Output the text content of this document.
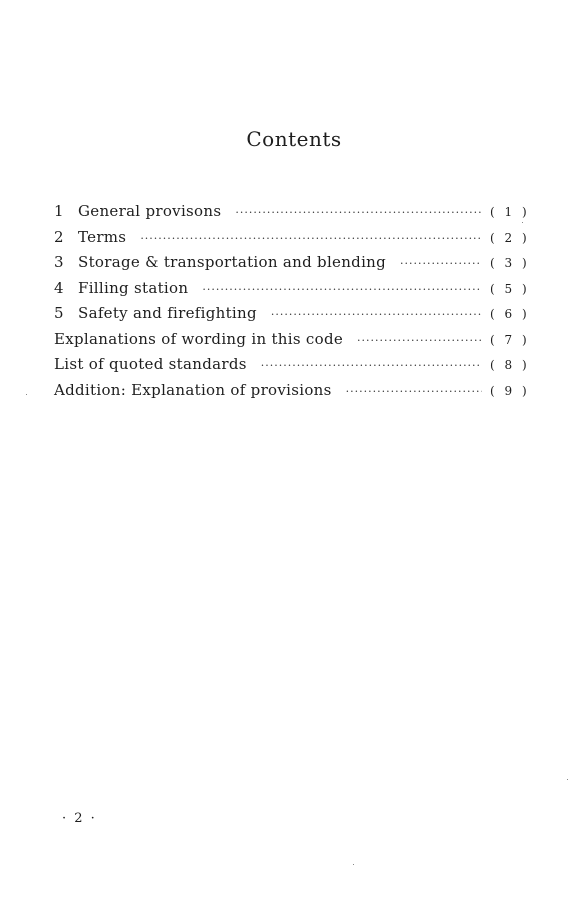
Contents
1 General provisons ·····	( 1 )
2 Terms ·····	( 2 )
3 Storage & transportation and blending ·····	( 3 )
4 Filling station ·····	( 5 )
5 Safety and firefighting ·····	( 6 )
Explanations of wording in this code ·····	( 7 )
List of quoted standards ·····	( 8 )
Addition: Explanation of provisions ·····	( 9 )
· 2 ·
